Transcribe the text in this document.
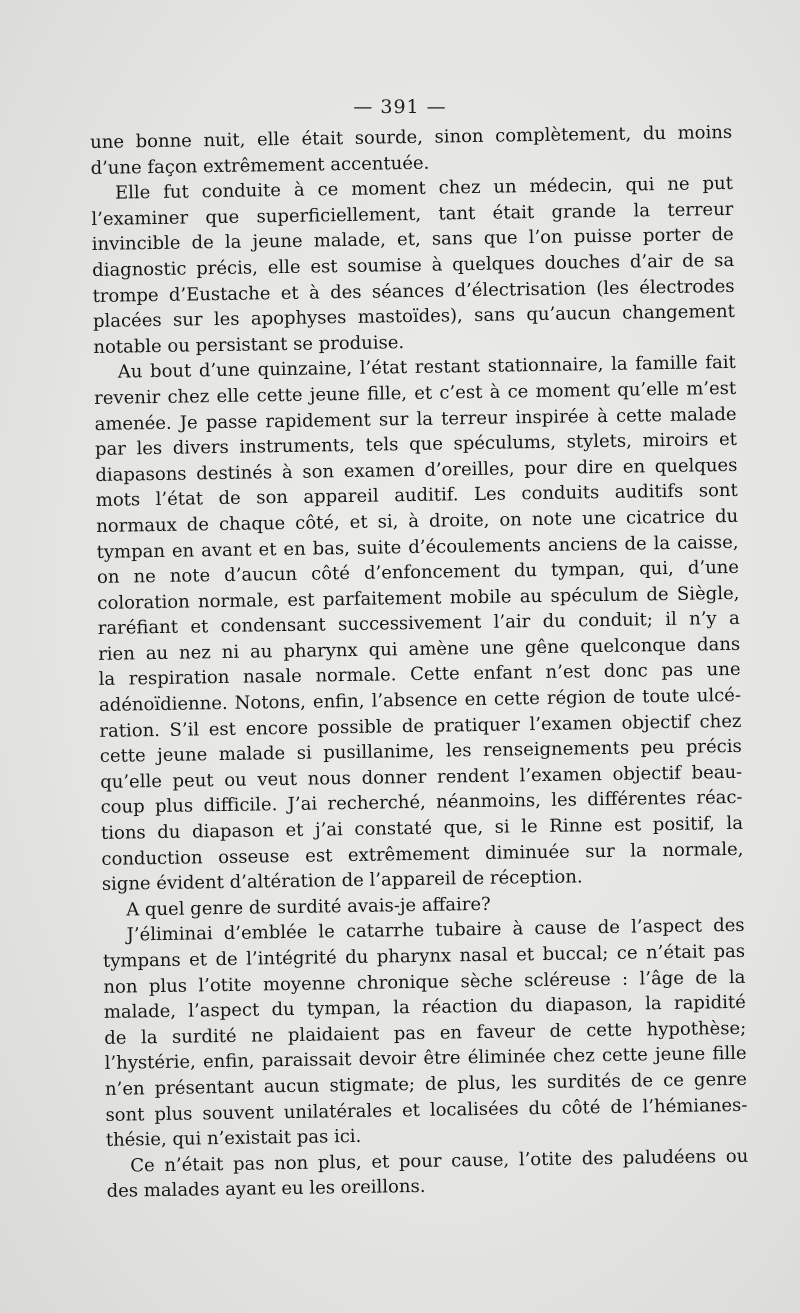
— 391 —
une bonne nuit, elle était sourde, sinon complètement, du moins
d’une façon extrêmement accentuée.
Elle fut conduite à ce moment chez un médecin, qui ne put
l’examiner que superficiellement, tant était grande la terreur
invincible de la jeune malade, et, sans que l’on puisse porter de
diagnostic précis, elle est soumise à quelques douches d’air de sa
trompe d’Eustache et à des séances d’électrisation (les électrodes
placées sur les apophyses mastoïdes), sans qu’aucun changement
notable ou persistant se produise.
Au bout d’une quinzaine, l’état restant stationnaire, la famille fait
revenir chez elle cette jeune fille, et c’est à ce moment qu’elle m’est
amenée. Je passe rapidement sur la terreur inspirée à cette malade
par les divers instruments, tels que spéculums, stylets, miroirs et
diapasons destinés à son examen d’oreilles, pour dire en quelques
mots l’état de son appareil auditif. Les conduits auditifs sont
normaux de chaque côté, et si, à droite, on note une cicatrice du
tympan en avant et en bas, suite d’écoulements anciens de la caisse,
on ne note d’aucun côté d’enfoncement du tympan, qui, d’une
coloration normale, est parfaitement mobile au spéculum de Siègle,
raréfiant et condensant successivement l’air du conduit; il n’y a
rien au nez ni au pharynx qui amène une gêne quelconque dans
la respiration nasale normale. Cette enfant n’est donc pas une
adénoïdienne. Notons, enfin, l’absence en cette région de toute ulcé-
ration. S’il est encore possible de pratiquer l’examen objectif chez
cette jeune malade si pusillanime, les renseignements peu précis
qu’elle peut ou veut nous donner rendent l’examen objectif beau-
coup plus difficile. J’ai recherché, néanmoins, les différentes réac-
tions du diapason et j’ai constaté que, si le Rinne est positif, la
conduction osseuse est extrêmement diminuée sur la normale,
signe évident d’altération de l’appareil de réception.
A quel genre de surdité avais-je affaire?
J’éliminai d’emblée le catarrhe tubaire à cause de l’aspect des
tympans et de l’intégrité du pharynx nasal et buccal; ce n’était pas
non plus l’otite moyenne chronique sèche scléreuse : l’âge de la
malade, l’aspect du tympan, la réaction du diapason, la rapidité
de la surdité ne plaidaient pas en faveur de cette hypothèse;
l’hystérie, enfin, paraissait devoir être éliminée chez cette jeune fille
n’en présentant aucun stigmate; de plus, les surdités de ce genre
sont plus souvent unilatérales et localisées du côté de l’hémianes-
thésie, qui n’existait pas ici.
Ce n’était pas non plus, et pour cause, l’otite des paludéens ou
des malades ayant eu les oreillons.
